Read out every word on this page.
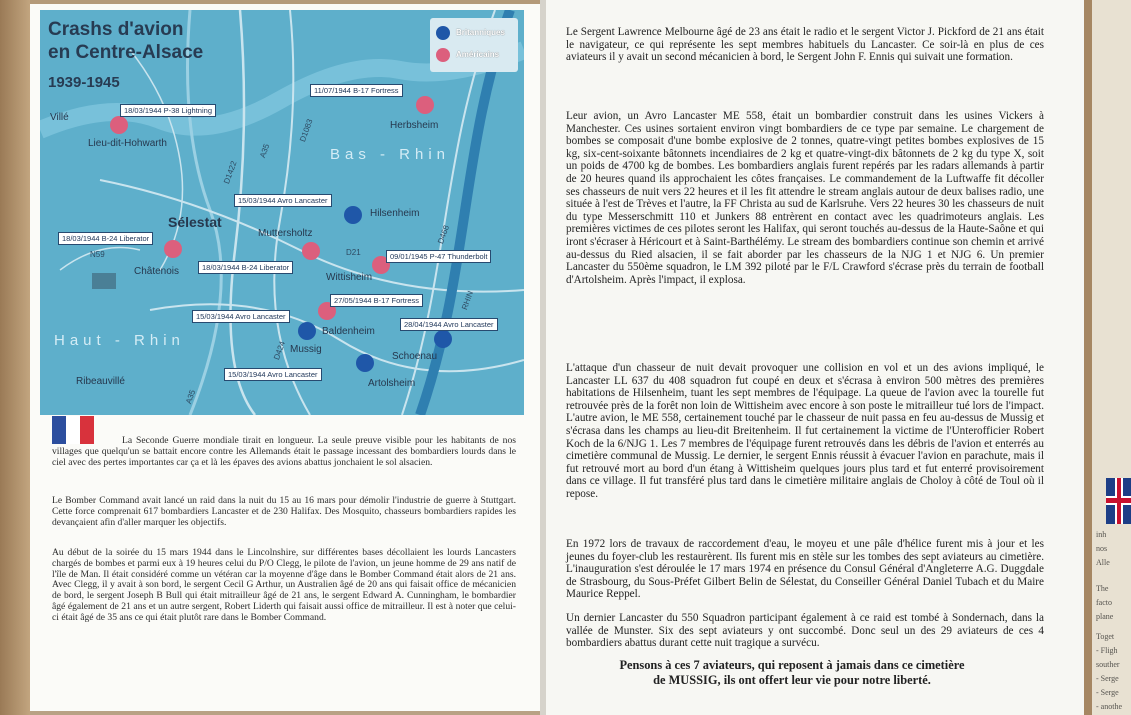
Crashs d'avion
en Centre-Alsace
1939-1945
Britanniques
Américains
Bas - Rhin
Haut - Rhin
Villé
Lieu-dit-Hohwarth
Herbsheim
Sélestat
Hilsenheim
Muttersholtz
Châtenois
Wittisheim
Baldenheim
Mussig
Schoenau
Ribeauvillé	Artolsheim
D1083
A35
D1422
D21
D468
RHIN
N59
D424
A35
18/03/1944 P-38 Lightning
11/07/1944 B-17 Fortress
15/03/1944 Avro Lancaster
18/03/1944 B-24 Liberator
18/03/1944 B-24 Liberator
09/01/1945 P-47 Thunderbolt
27/05/1944 B-17 Fortress
15/03/1944 Avro Lancaster
28/04/1944 Avro Lancaster
15/03/1944 Avro Lancaster

La Seconde Guerre mondiale tirait en longueur. La seule preuve visible pour les habitants de nos villages que quelqu'un se battait encore contre les Allemands était le passage incessant des bombardiers lourds dans le ciel avec des pertes importantes car ça et là les épaves des avions abattus jonchaient le sol alsacien.

Le Bomber Command avait lancé un raid dans la nuit du 15 au 16 mars pour démolir l'industrie de guerre à Stuttgart. Cette force comprenait 617 bombardiers Lancaster et de 230 Halifax. Des Mosquito, chasseurs bombardiers rapides les devançaient afin d'aller marquer les objectifs.

Au début de la soirée du 15 mars 1944 dans le Lincolnshire, sur différentes bases décollaient les lourds Lancasters chargés de bombes et parmi eux à 19 heures celui du P/O Clegg, le pilote de l'avion, un jeune homme de 29 ans natif de l'île de Man. Il était considéré comme un vétéran car la moyenne d'âge dans le Bomber Command était alors de 21 ans. Avec Clegg, il y avait à son bord, le sergent Cecil G Arthur, un Australien âgé de 20 ans qui faisait office de mécanicien de bord, le sergent Joseph B Bull qui était mitrailleur âgé de 21 ans, le sergent Edward A. Cunningham, le bombardier âgé également de 21 ans et un autre sergent, Robert Liderth qui faisait aussi office de mitrailleur. Il est à noter que celui-ci était âgé de 35 ans ce qui était plutôt rare dans le Bomber Command.

Le Sergent Lawrence Melbourne âgé de 23 ans était le radio et le sergent Victor J. Pickford de 21 ans était le navigateur, ce qui représente les sept membres habituels du Lancaster. Ce soir-là en plus de ces aviateurs il y avait un second mécanicien à bord, le Sergent John F. Ennis qui suivait une formation.

Leur avion, un Avro Lancaster ME 558, était un bombardier construit dans les usines Vickers à Manchester. Ces usines sortaient environ vingt bombardiers de ce type par semaine. Le chargement de bombes se composait d'une bombe explosive de 2 tonnes, quatre-vingt petites bombes explosives de 15 kg, six-cent-soixante bâtonnets incendiaires de 2 kg et quatre-vingt-dix bâtonnets de 2 kg du type X, soit un poids de 4700 kg de bombes. Les bombardiers anglais furent repérés par les radars allemands à partir de 20 heures quand ils approchaient les côtes françaises. Le commandement de la Luftwaffe fit décoller ses chasseurs de nuit vers 22 heures et il les fit attendre le stream anglais autour de deux balises radio, une située à l'est de Trèves et l'autre, la FF Christa au sud de Karlsruhe. Vers 22 heures 30 les chasseurs de nuit du type Messerschmitt 110 et Junkers 88 entrèrent en contact avec les quadrimoteurs anglais. Les premières victimes de ces pilotes seront les Halifax, qui seront touchés au-dessus de la Haute-Saône et qui iront s'écraser à Héricourt et à Saint-Barthélémy. Le stream des bombardiers continue son chemin et arrivé au-dessus du Ried alsacien, il se fait aborder par les chasseurs de la NJG 1 et NJG 6. Un premier Lancaster du 550ème squadron, le LM 392 piloté par le F/L Crawford s'écrase près du terrain de football d'Artolsheim. Après l'impact, il explosa.

L'attaque d'un chasseur de nuit devait provoquer une collision en vol et un des avions impliqué, le Lancaster LL 637 du 408 squadron fut coupé en deux et s'écrasa à environ 500 mètres des premières habitations de Hilsenheim, tuant les sept membres de l'équipage. La queue de l'avion avec la tourelle fut retrouvée près de la forêt non loin de Wittisheim avec encore à son poste le mitrailleur tué lors de l'impact. L'autre avion, le ME 558, certainement touché par le chasseur de nuit passa en feu au-dessus de Mussig et s'écrasa dans les champs au lieu-dit Breitenheim. Il fut certainement la victime de l'Unterofficier Robert Koch de la 6/NJG 1. Les 7 membres de l'équipage furent retrouvés dans les débris de l'avion et enterrés au cimetière communal de Mussig. Le dernier, le sergent Ennis réussit à évacuer l'avion en parachute, mais il fut retrouvé mort au bord d'un étang à Wittisheim quelques jours plus tard et fut enterré provisoirement dans ce village. Il fut transféré plus tard dans le cimetière militaire anglais de Choloy à côté de Toul où il repose.

En 1972 lors de travaux de raccordement d'eau, le moyeu et une pâle d'hélice furent mis à jour et les jeunes du foyer-club les restaurèrent. Ils furent mis en stèle sur les tombes des sept aviateurs au cimetière. L'inauguration s'est déroulée le 17 mars 1974 en présence du Consul Général d'Angleterre A.G. Duggdale de Strasbourg, du Sous-Préfet Gilbert Belin de Sélestat, du Conseiller Général Daniel Tubach et du Maire Maurice Reppel.

Un dernier Lancaster du 550 Squadron participant également à ce raid est tombé à Sondernach, dans la vallée de Munster. Six des sept aviateurs y ont succombé. Donc seul un des 29 aviateurs de ces 4 bombardiers abattus durant cette nuit tragique a survécu.

Pensons à ces 7 aviateurs, qui reposent à jamais dans ce cimetière
de MUSSIG, ils ont offert leur vie pour notre liberté.
inh
nos
Alle
The
facto
plane
Toget
- Fligh
souther
- Serge
- Serge
- anothe
